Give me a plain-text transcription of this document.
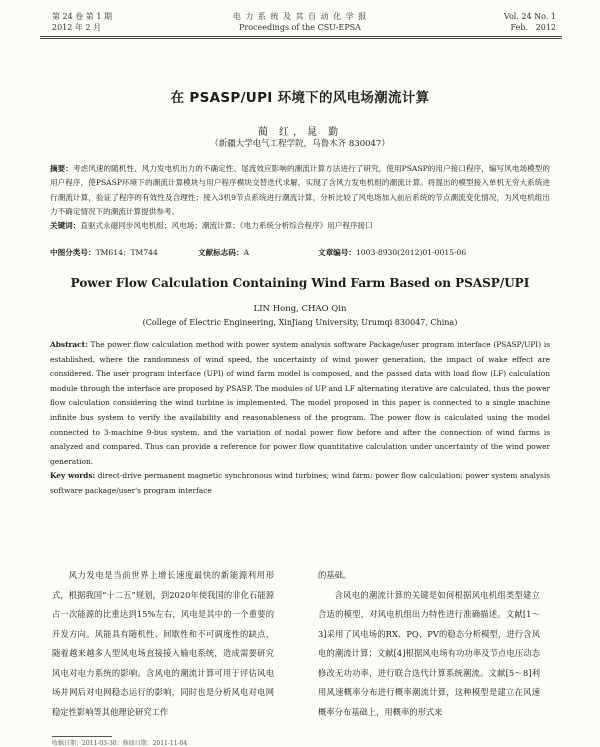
第 24 卷 第 1 期
2012 年 2 月
电 力 系 统 及 其 自 动 化 学 报
Proceedings of the CSU-EPSA
Vol. 24 No. 1
Feb.   2012
在 PSASP/UPI 环境下的风电场潮流计算
蔺 红，晁 勤
（新疆大学电气工程学院，乌鲁木齐 830047）
摘要：考虑风速的随机性、风力发电机出力的不确定性、尾流效应影响的潮流计算方法进行了研究，使用PSASP的用户接口程序，编写风电场模型的用户程序，使PSASP环境下的潮流计算模块与用户程序模块交替迭代求解，实现了含风力发电机组的潮流计算。将提出的模型接入单机无穷大系统进行潮流计算，验证了程序的有效性及合理性；接入3机9节点系统进行潮流计算，分析比较了风电场加入前后系统的节点潮流变化情况，为风电机组出力不确定情况下的潮流计算提供参考。
关键词：直驱式永磁同步风电机组；风电场；潮流计算；《电力系统分析综合程序》用户程序接口
中图分类号：TM614；TM744	文献标志码：A	文章编号：1003-8930(2012)01-0015-06
Power Flow Calculation Containing Wind Farm Based on PSASP/UPI
LIN Hong, CHAO Qin
(College of Electric Engineering, XinJiang University, Urumqi 830047, China)
Abstract: The power flow calculation method with power system analysis software Package/user program interface (PSASP/UPI) is established, where the randomness of wind speed, the uncertainty of wind power generation, the impact of wake effect are considered. The user program interface (UPI) of wind farm model is composed, and the passed data with load flow (LF) calculation module through the interface are proposed by PSASP. The modules of UP and LF alternating iterative are calculated, thus the power flow calculation considering the wind turbine is implemented. The model proposed in this paper is connected to a single machine infinite bus system to verify the availability and reasonableness of the program. The power flow is calculated using the model connected to 3-machine 9-bus system, and the variation of nodal power flow before and after the connection of wind farms is analyzed and compared. Thus can provide a reference for power flow quantitative calculation under uncertainty of the wind power generation.
Key words: direct-drive permanent magnetic synchronous wind turbines; wind farm; power flow calculation; power system analysis software package/user's program interface
风力发电是当前世界上增长速度最快的新能源利用形式，根据我国“十二五”规划，到2020年使我国的非化石能源占一次能源的比重达到15%左右，风电是其中的一个重要的开发方向。风能具有随机性、间歇性和不可调度性的缺点，随着越来越多人型风电场直接接入输电系统，造成需要研究风电对电力系统的影响。含风电的潮流计算可用于评估风电场并网后对电网稳态运行的影响，同时也是分析风电对电网稳定性影响等其他理论研究工作
的基础。
含风电的潮流计算的关键是如何根据风电机组类型建立合适的模型，对风电机组出力特性进行准确描述。文献[1～3]采用了风电场的RX、PQ、PV的稳态分析模型，进行含风电的潮流计算；文献[4]根据风电场有功功率及节点电压动态修改无功功率，进行联合迭代计算系统潮流。文献[5～8]利用风速概率分布进行概率潮流计算，这种模型是建立在风速概率分布基础上，用概率的形式来
收稿日期：2011-03-30；修回日期：2011-11-04
